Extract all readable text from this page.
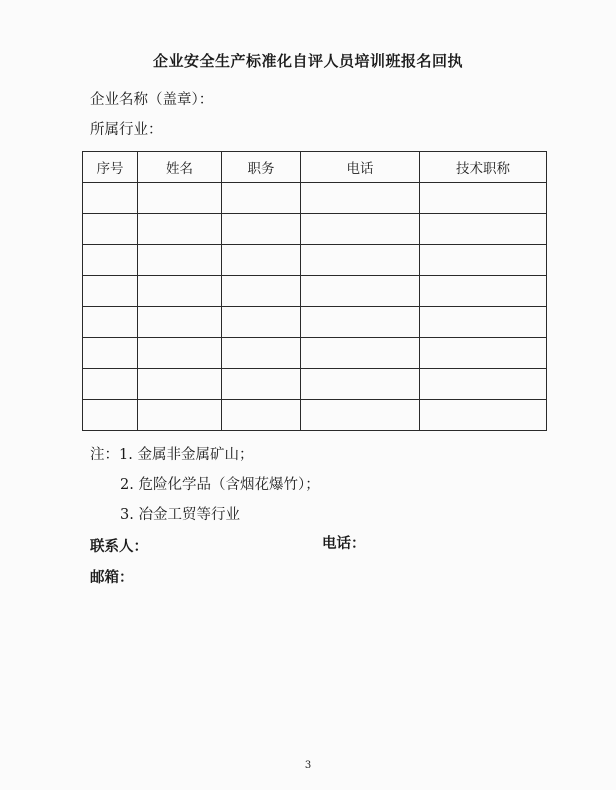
企业安全生产标准化自评人员培训班报名回执
企业名称（盖章）：
所属行业：
序号	姓名	职务	电话	技术职称

注：1. 金属非金属矿山；
2. 危险化学品（含烟花爆竹）；
3. 冶金工贸等行业
联系人：	电话：
邮箱：
3
